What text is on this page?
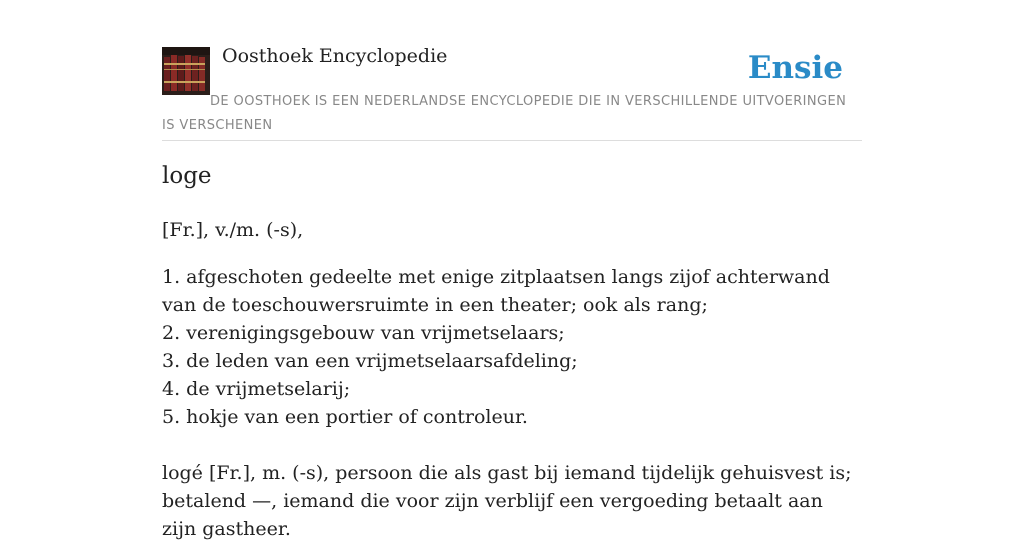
Oosthoek Encyclopedie	Ensie
DE OOSTHOEK IS EEN NEDERLANDSE ENCYCLOPEDIE DIE IN VERSCHILLENDE UITVOERINGEN IS VERSCHENEN
loge

[Fr.], v./m. (-s),

1. afgeschoten gedeelte met enige zitplaatsen langs zijof achterwand van de toeschouwersruimte in een theater; ook als rang;
2. verenigingsgebouw van vrijmetselaars;
3. de leden van een vrijmetselaarsafdeling;
4. de vrijmetselarij;
5. hokje van een portier of controleur.

logé [Fr.], m. (-s), persoon die als gast bij iemand tijdelijk gehuisvest is; betalend —, iemand die voor zijn verblijf een vergoeding betaalt aan zijn gastheer.
